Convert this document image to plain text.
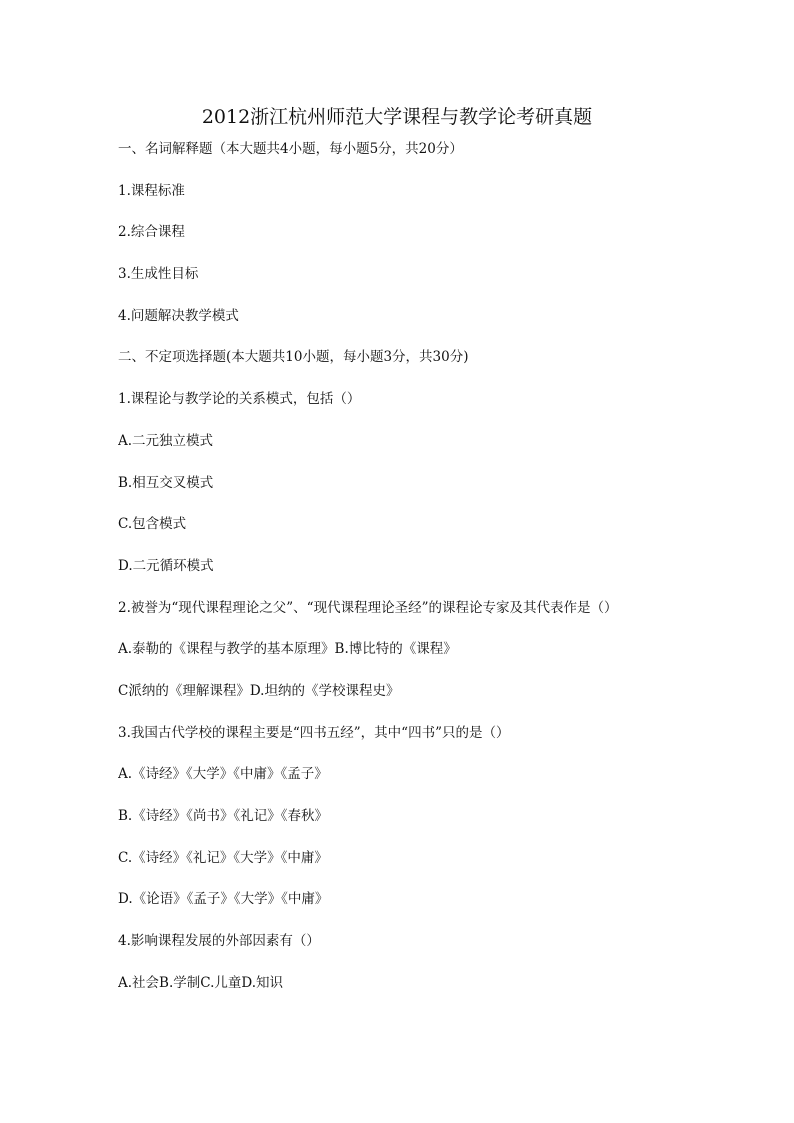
2012浙江杭州师范大学课程与教学论考研真题
一、名词解释题（本大题共4小题，每小题5分，共20分）
1.课程标准
2.综合课程
3.生成性目标
4.问题解决教学模式
二、不定项选择题(本大题共10小题，每小题3分，共30分)
1.课程论与教学论的关系模式，包括（）
A.二元独立模式
B.相互交叉模式
C.包含模式
D.二元循环模式
2.被誉为“现代课程理论之父”、“现代课程理论圣经”的课程论专家及其代表作是（）
A.泰勒的《课程与教学的基本原理》B.博比特的《课程》
C派纳的《理解课程》D.坦纳的《学校课程史》
3.我国古代学校的课程主要是“四书五经”，其中“四书”只的是（）
A.《诗经》《大学》《中庸》《孟子》
B.《诗经》《尚书》《礼记》《春秋》
C.《诗经》《礼记》《大学》《中庸》
D.《论语》《孟子》《大学》《中庸》
4.影响课程发展的外部因素有（）
A.社会B.学制C.儿童D.知识
